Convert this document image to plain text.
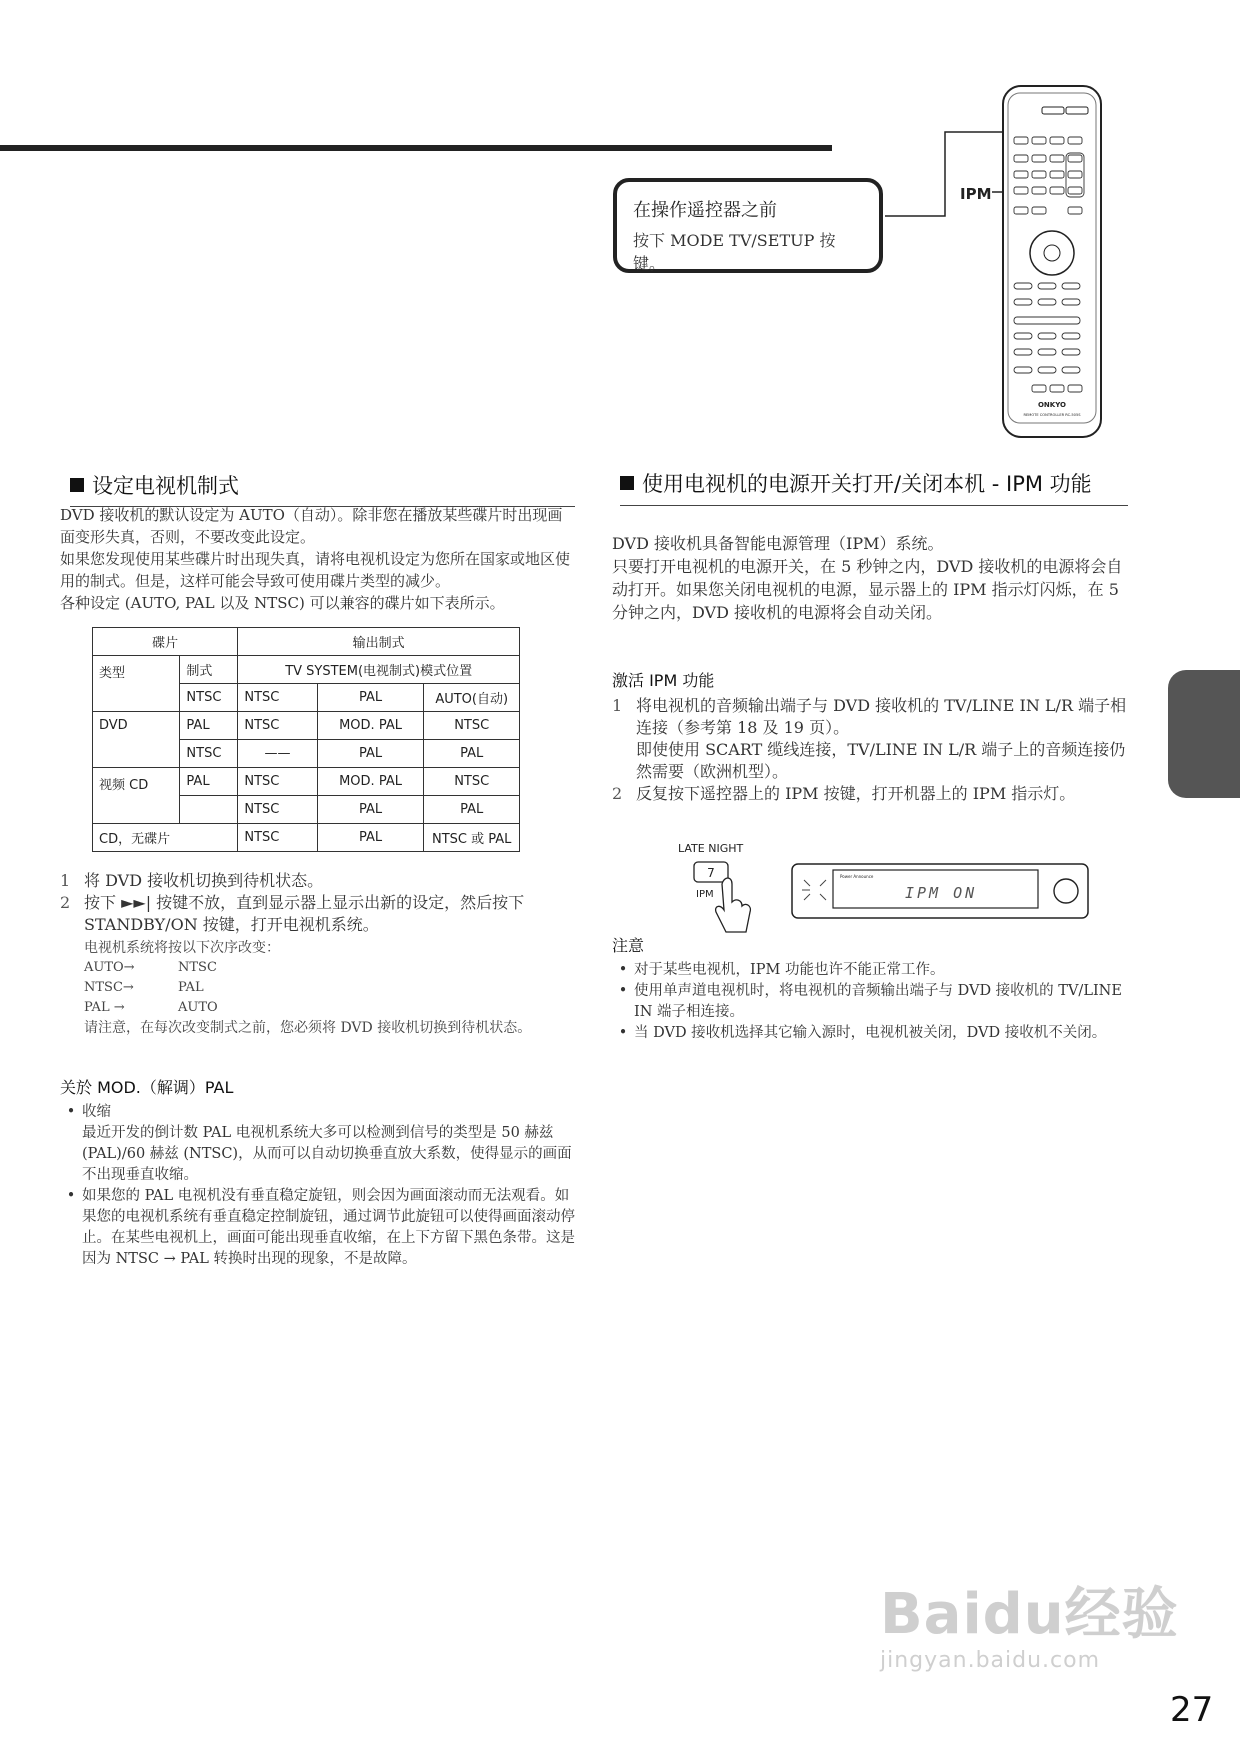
在操作遥控器之前
按下 MODE TV/SETUP 按键。
IPM
ONKYO
REMOTE CONTROLLER RC-505S
设定电视机制式
DVD 接收机的默认设定为 AUTO（自动）。除非您在播放某些碟片时出现画面变形失真，否则，不要改变此设定。
如果您发现使用某些碟片时出现失真，请将电视机设定为您所在国家或地区使用的制式。但是，这样可能会导致可使用碟片类型的减少。
各种设定 (AUTO, PAL 以及 NTSC) 可以兼容的碟片如下表所示。
碟片		输出制式		
类型	制式	TV SYSTEM(电视制式)模式位置		
	NTSC	NTSC	PAL	AUTO(自动)
DVD	PAL	NTSC	MOD. PAL	NTSC
	NTSC	——	PAL	PAL
视频 CD	PAL	NTSC	MOD. PAL	NTSC
		NTSC	PAL	PAL
CD，无碟片		NTSC	PAL	NTSC 或 PAL
1 将 DVD 接收机切换到待机状态。
2 按下 ►►| 按键不放，直到显示器上显示出新的设定，然后按下 STANDBY/ON 按键，打开电视机系统。
电视机系统将按以下次序改变：
AUTO→	NTSC
NTSC→	PAL
PAL →	AUTO
请注意，在每次改变制式之前，您必须将 DVD 接收机切换到待机状态。
关於 MOD.（解调）PAL
• 收缩
最近开发的倒计数 PAL 电视机系统大多可以检测到信号的类型是 50 赫兹 (PAL)/60 赫兹 (NTSC)，从而可以自动切换垂直放大系数，使得显示的画面不出现垂直收缩。
• 如果您的 PAL 电视机没有垂直稳定旋钮，则会因为画面滚动而无法观看。如果您的电视机系统有垂直稳定控制旋钮，通过调节此旋钮可以使得画面滚动停止。在某些电视机上，画面可能出现垂直收缩，在上下方留下黑色条带。这是因为 NTSC → PAL 转换时出现的现象，不是故障。
使用电视机的电源开关打开/关闭本机 - IPM 功能
DVD 接收机具备智能电源管理（IPM）系统。
只要打开电视机的电源开关，在 5 秒钟之内，DVD 接收机的电源将会自动打开。如果您关闭电视机的电源，显示器上的 IPM 指示灯闪烁，在 5 分钟之内，DVD 接收机的电源将会自动关闭。
激活 IPM 功能
1 将电视机的音频输出端子与 DVD 接收机的 TV/LINE IN L/R 端子相连接（参考第 18 及 19 页）。
即使使用 SCART 缆线连接，TV/LINE IN L/R 端子上的音频连接仍然需要（欧洲机型）。
2 反复按下遥控器上的 IPM 按键，打开机器上的 IPM 指示灯。
LATE NIGHT
7
IPM
Power Announce
IPM ON
注意
• 对于某些电视机，IPM 功能也许不能正常工作。
• 使用单声道电视机时，将电视机的音频输出端子与 DVD 接收机的 TV/LINE IN 端子相连接。
• 当 DVD 接收机选择其它输入源时，电视机被关闭，DVD 接收机不关闭。
Baidu经验
jingyan.baidu.com
27
